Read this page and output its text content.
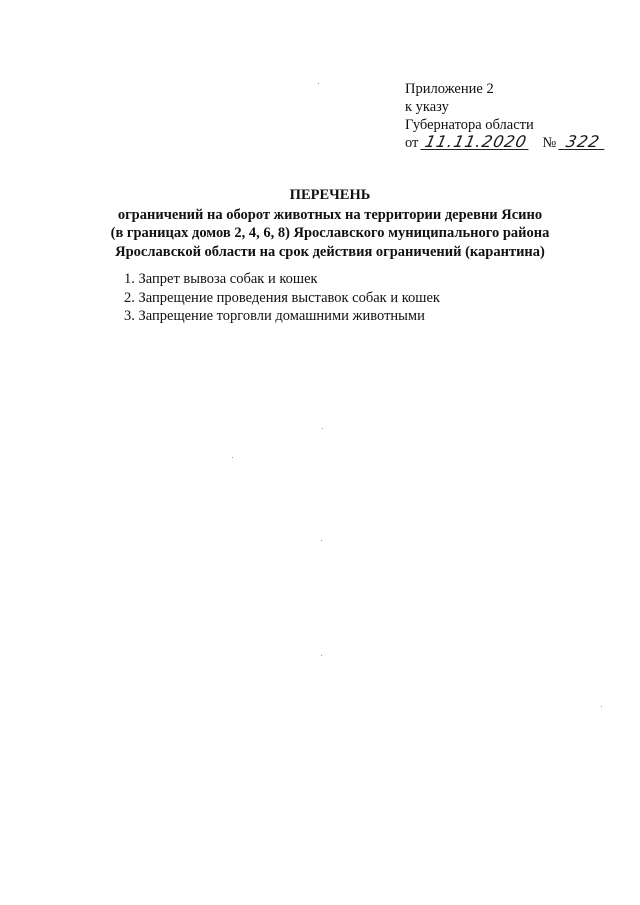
Приложение 2
к указу
Губернатора области
от 11.11.2020 № 322
ПЕРЕЧЕНЬ
ограничений на оборот животных на территории деревни Ясино
(в границах домов 2, 4, 6, 8) Ярославского муниципального района
Ярославской области на срок действия ограничений (карантина)
1. Запрет вывоза собак и кошек
2. Запрещение проведения выставок собак и кошек
3. Запрещение торговли домашними животными
